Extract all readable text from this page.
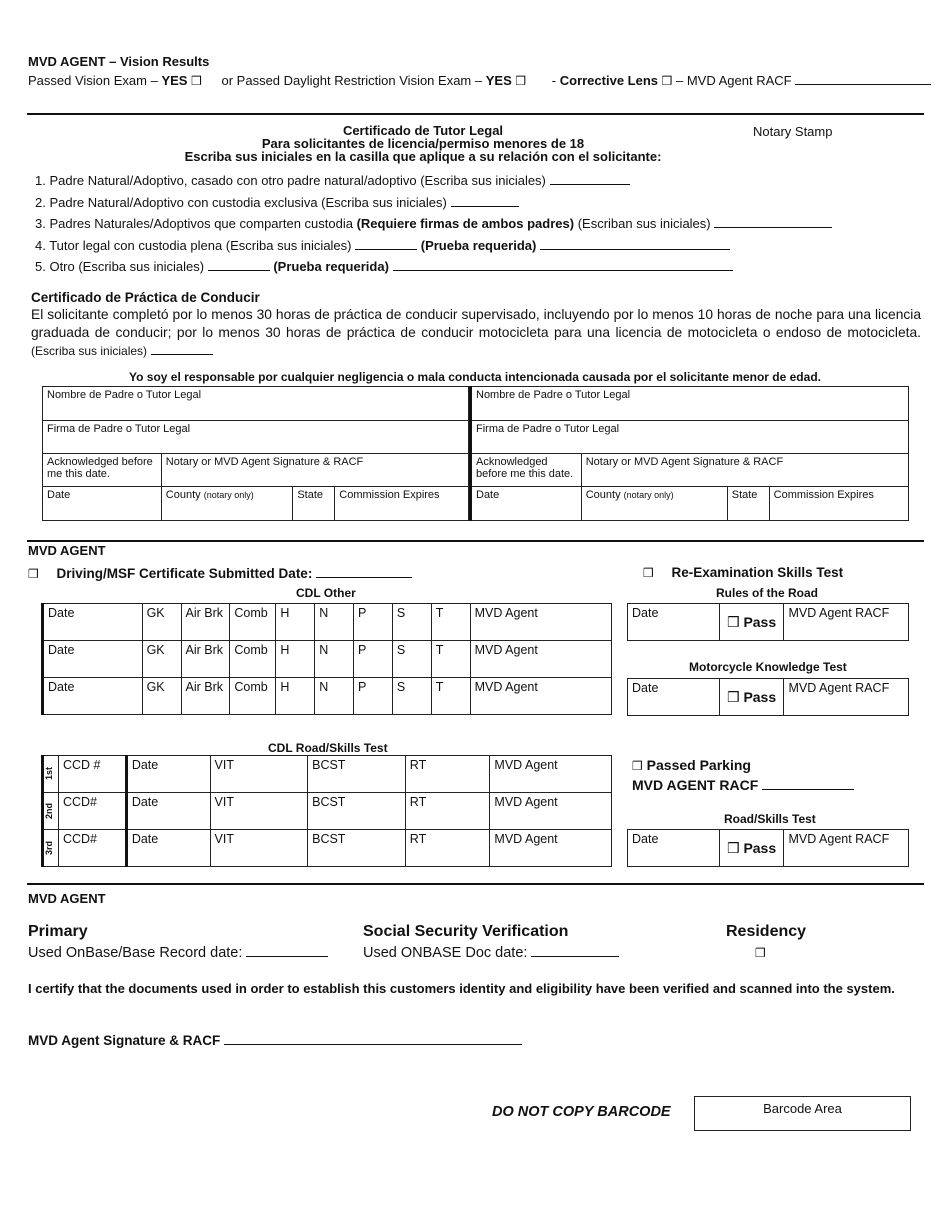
MVD AGENT – Vision Results
Passed Vision Exam – YES ❒ or Passed Daylight Restriction Vision Exam – YES ❒ - Corrective Lens ❒ – MVD Agent RACF
Certificado de Tutor Legal
Para solicitantes de licencia/permiso menores de 18
Escriba sus iniciales en la casilla que aplique a su relación con el solicitante:
Notary Stamp
1. Padre Natural/Adoptivo, casado con otro padre natural/adoptivo (Escriba sus iniciales)
2. Padre Natural/Adoptivo con custodia exclusiva (Escriba sus iniciales)
3. Padres Naturales/Adoptivos que comparten custodia (Requiere firmas de ambos padres) (Escriban sus iniciales)
4. Tutor legal con custodia plena (Escriba sus iniciales)	(Prueba requerida)
5. Otro (Escriba sus iniciales)	(Prueba requerida)
Certificado de Práctica de Conducir
El solicitante completó por lo menos 30 horas de práctica de conducir supervisado, incluyendo por lo menos 10 horas de noche para una licencia graduada de conducir; por lo menos 30 horas de práctica de conducir motocicleta para una licencia de motocicleta o endoso de motocicleta. (Escriba sus iniciales)
Yo soy el responsable por cualquier negligencia o mala conducta intencionada causada por el solicitante menor de edad.
Nombre de Padre o Tutor Legal			
Firma de Padre o Tutor Legal			
Acknowledged before me this date.	Notary or MVD Agent Signature & RACF		
Date	County (notary only)	State	Commission Expires
Nombre de Padre o Tutor Legal			
Firma de Padre o Tutor Legal			
Acknowledged before me this date.	Notary or MVD Agent Signature & RACF		
Date	County (notary only)	State	Commission Expires
MVD AGENT
❒ Driving/MSF Certificate Submitted Date:	❒ Re-Examination Skills Test
CDL Other
Date	GK	Air Brk	Comb	H	N	P	S	T	MVD Agent
Date	GK	Air Brk	Comb	H	N	P	S	T	MVD Agent
Date	GK	Air Brk	Comb	H	N	P	S	T	MVD Agent
Rules of the Road
Date	❒ Pass	MVD Agent RACF
Motorcycle Knowledge Test
Date	❒ Pass	MVD Agent RACF
CDL Road/Skills Test
1st	CCD #	Date	VIT	BCST	RT	MVD Agent

2nd	CCD#	Date	VIT	BCST	RT	MVD Agent

3rd	CCD#	Date	VIT	BCST	RT	MVD Agent
❒ Passed Parking
MVD AGENT RACF
Road/Skills Test
Date	❒ Pass	MVD Agent RACF
MVD AGENT
Primary
Used OnBase/Base Record date:
Social Security Verification
Used ONBASE Doc date:
Residency
❒
I certify that the documents used in order to establish this customers identity and eligibility have been verified and scanned into the system.
MVD Agent Signature & RACF
DO NOT COPY BARCODE	Barcode Area
